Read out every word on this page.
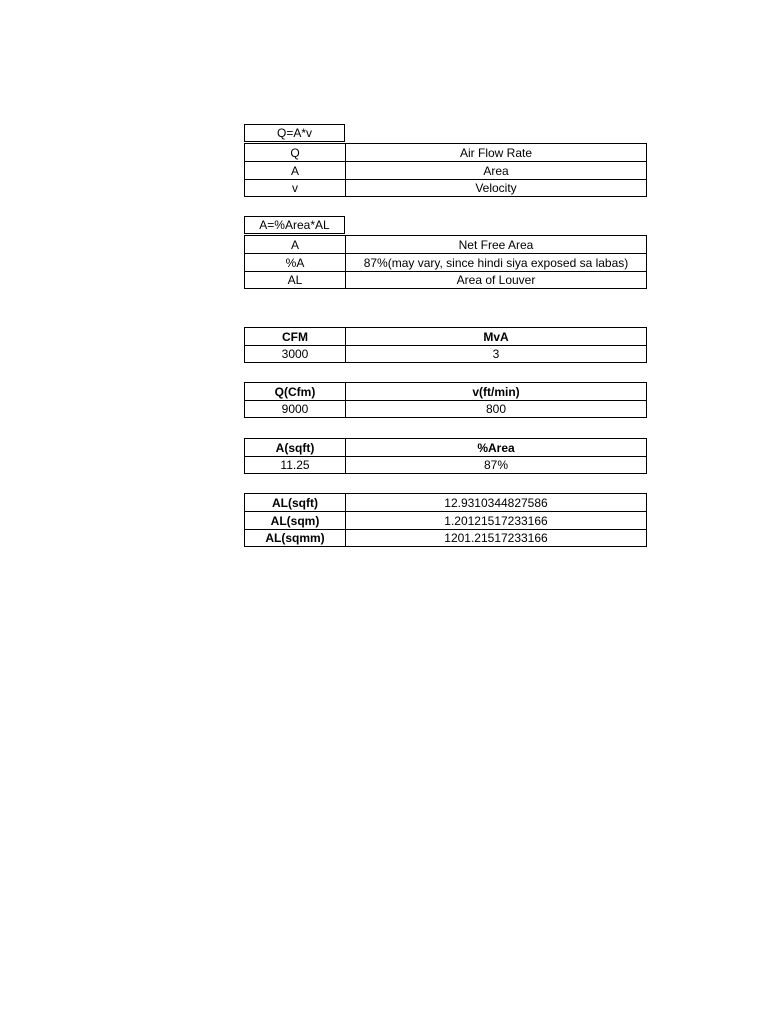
Q=A*v
Q	Air Flow Rate
A	Area
v	Velocity
A=%Area*AL
A	Net Free Area
%A	87%(may vary, since hindi siya exposed sa labas)
AL	Area of Louver
CFM	MvA
3000	3
Q(Cfm)	v(ft/min)
9000	800
A(sqft)	%Area
11.25	87%
AL(sqft)	12.9310344827586
AL(sqm)	1.20121517233166
AL(sqmm)	1201.21517233166
